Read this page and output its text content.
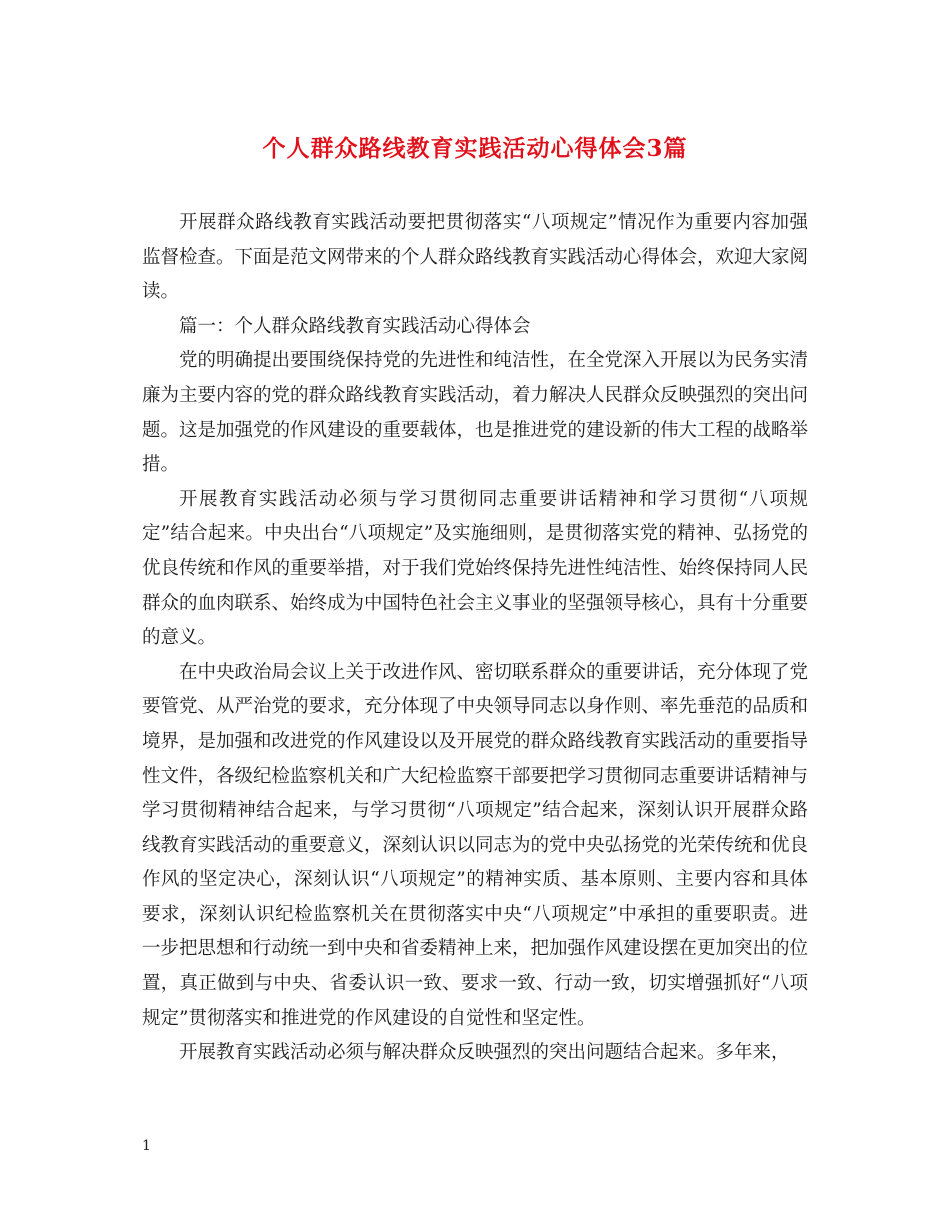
个人群众路线教育实践活动心得体会3篇

开展群众路线教育实践活动要把贯彻落实“八项规定”情况作为重要内容加强监督检查。下面是范文网带来的个人群众路线教育实践活动心得体会，欢迎大家阅读。

篇一：个人群众路线教育实践活动心得体会

党的明确提出要围绕保持党的先进性和纯洁性，在全党深入开展以为民务实清廉为主要内容的党的群众路线教育实践活动，着力解决人民群众反映强烈的突出问题。这是加强党的作风建设的重要载体，也是推进党的建设新的伟大工程的战略举措。

开展教育实践活动必须与学习贯彻同志重要讲话精神和学习贯彻“八项规定”结合起来。中央出台“八项规定”及实施细则，是贯彻落实党的精神、弘扬党的优良传统和作风的重要举措，对于我们党始终保持先进性纯洁性、始终保持同人民群众的血肉联系、始终成为中国特色社会主义事业的坚强领导核心，具有十分重要的意义。

在中央政治局会议上关于改进作风、密切联系群众的重要讲话，充分体现了党要管党、从严治党的要求，充分体现了中央领导同志以身作则、率先垂范的品质和境界，是加强和改进党的作风建设以及开展党的群众路线教育实践活动的重要指导性文件，各级纪检监察机关和广大纪检监察干部要把学习贯彻同志重要讲话精神与学习贯彻精神结合起来，与学习贯彻“八项规定”结合起来，深刻认识开展群众路线教育实践活动的重要意义，深刻认识以同志为的党中央弘扬党的光荣传统和优良作风的坚定决心，深刻认识“八项规定”的精神实质、基本原则、主要内容和具体要求，深刻认识纪检监察机关在贯彻落实中央“八项规定”中承担的重要职责。进一步把思想和行动统一到中央和省委精神上来，把加强作风建设摆在更加突出的位置，真正做到与中央、省委认识一致、要求一致、行动一致，切实增强抓好“八项规定”贯彻落实和推进党的作风建设的自觉性和坚定性。

开展教育实践活动必须与解决群众反映强烈的突出问题结合起来。多年来，

1
